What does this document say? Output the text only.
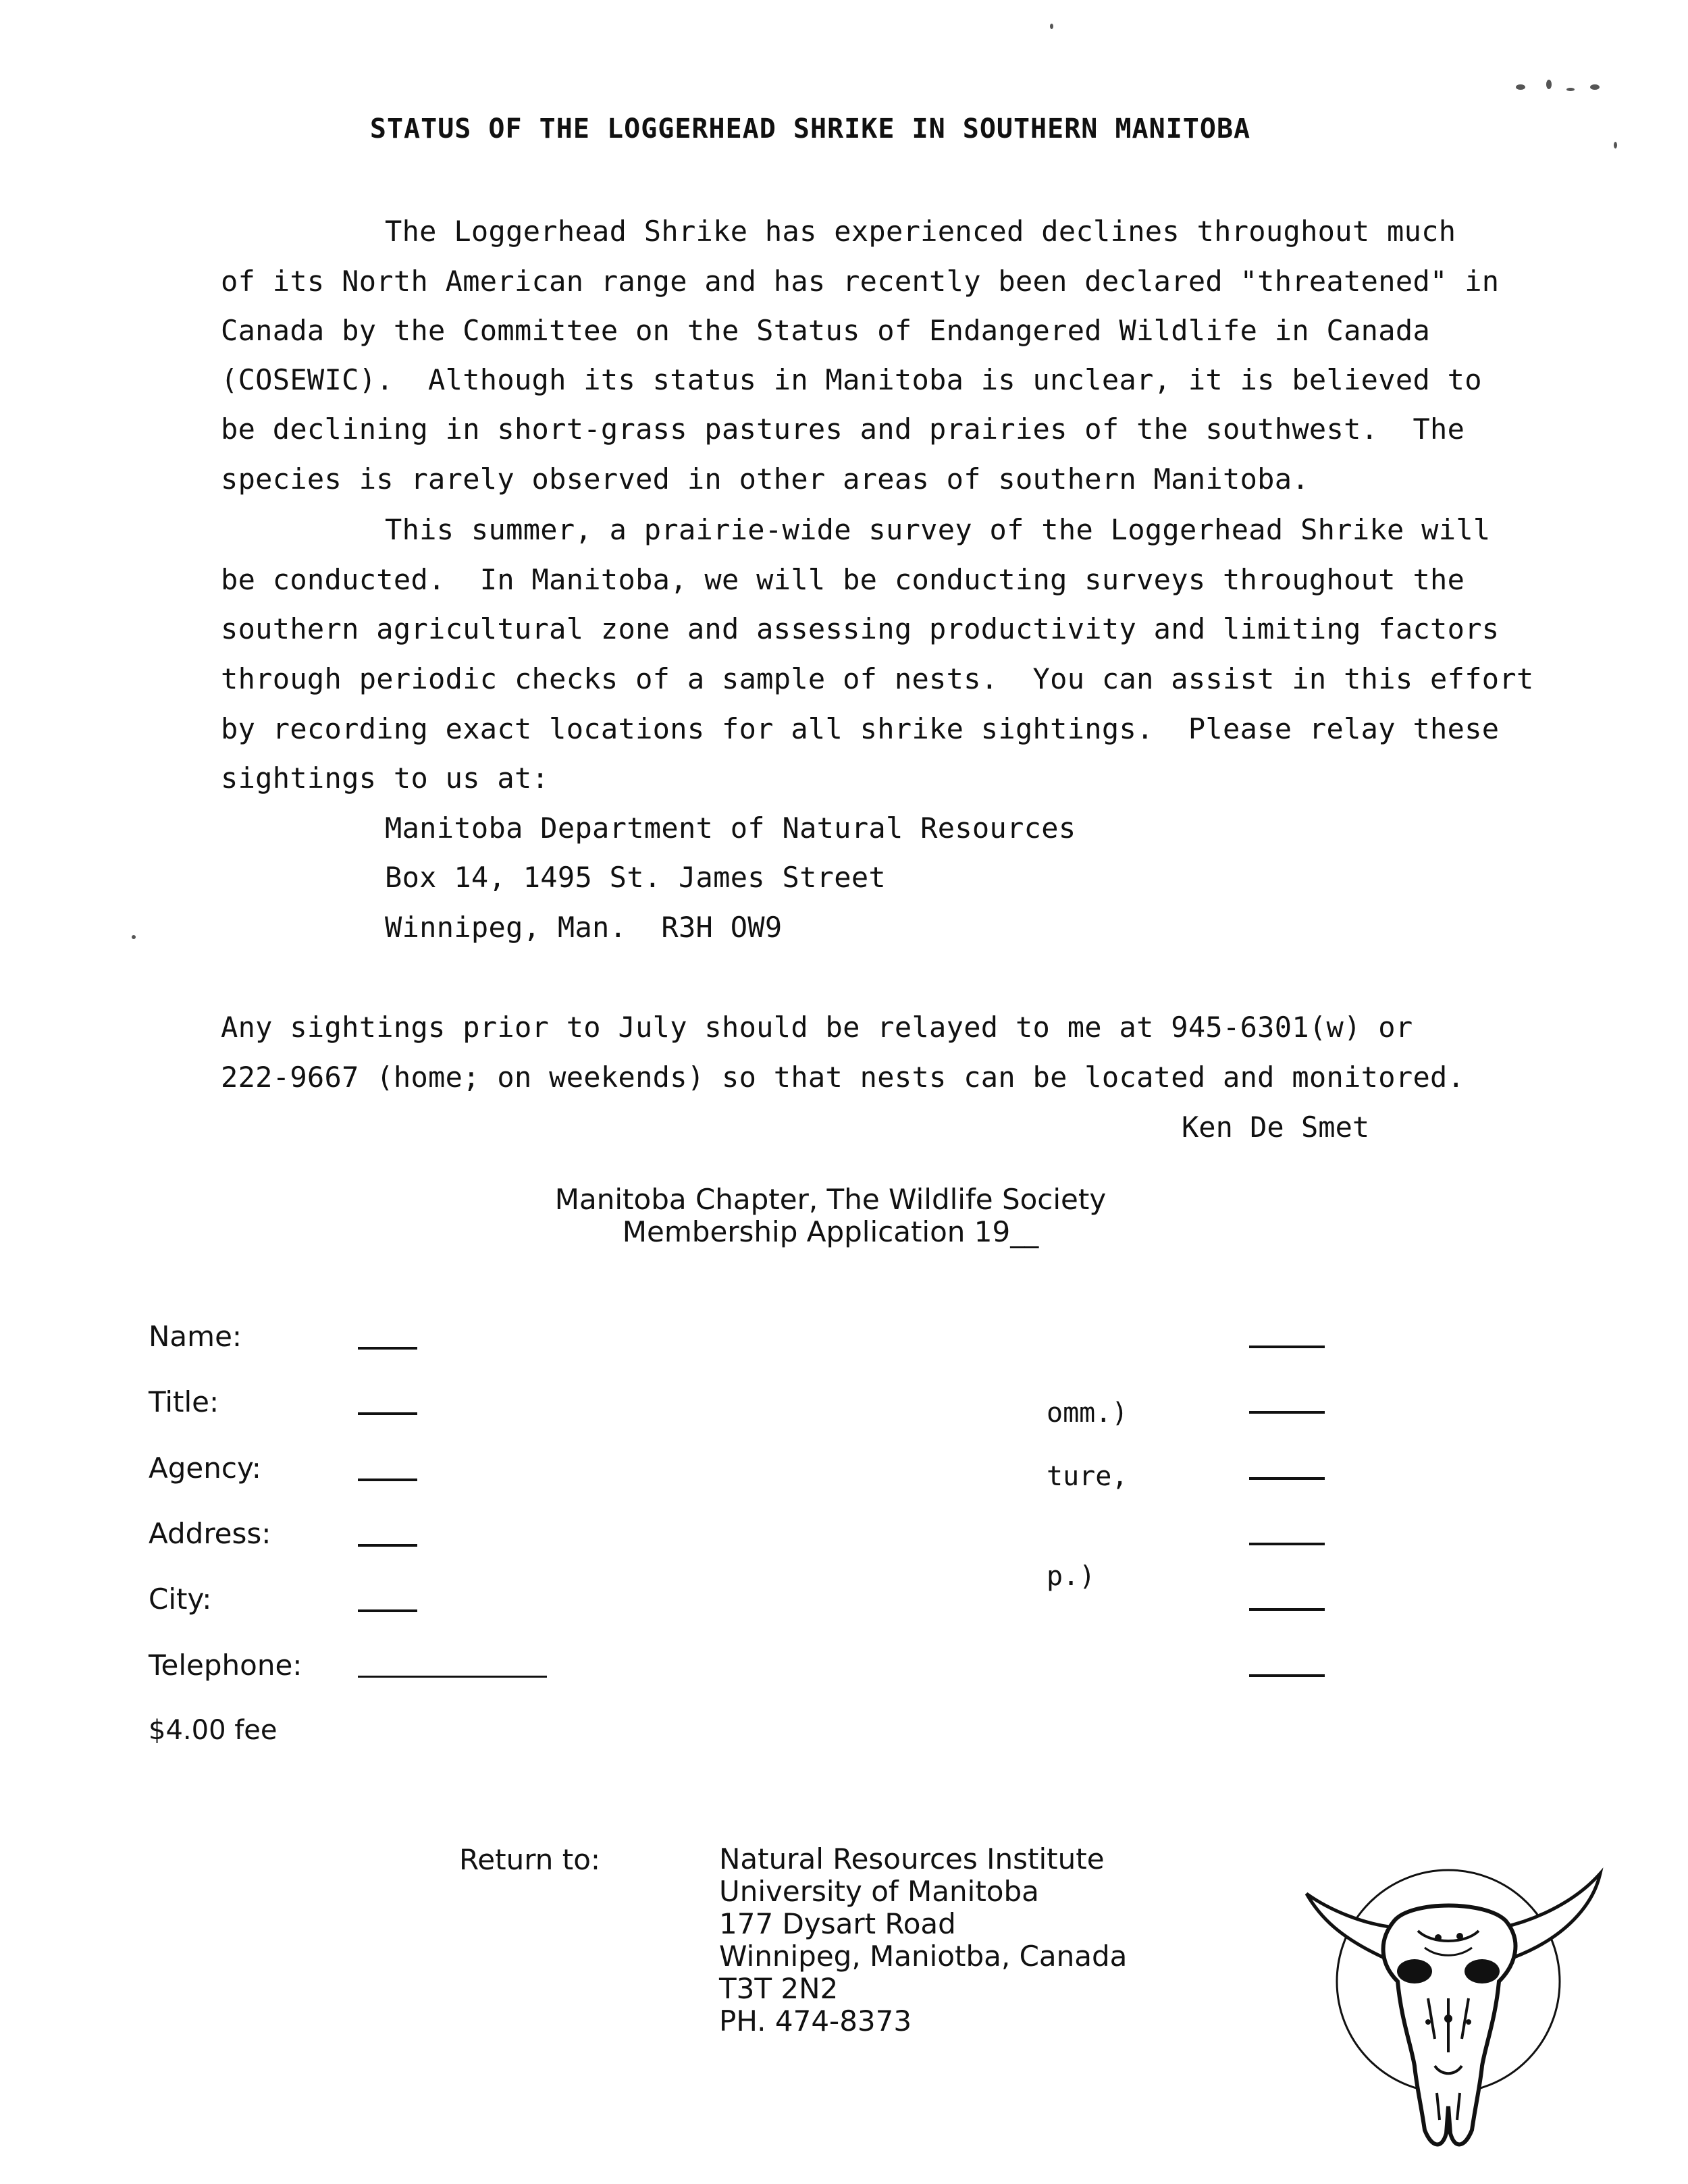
STATUS OF THE LOGGERHEAD SHRIKE IN SOUTHERN MANITOBA
The Loggerhead Shrike has experienced declines throughout much
of its North American range and has recently been declared "threatened" in
Canada by the Committee on the Status of Endangered Wildlife in Canada
(COSEWIC).  Although its status in Manitoba is unclear, it is believed to
be declining in short-grass pastures and prairies of the southwest.  The
species is rarely observed in other areas of southern Manitoba.
This summer, a prairie-wide survey of the Loggerhead Shrike will
be conducted.  In Manitoba, we will be conducting surveys throughout the
southern agricultural zone and assessing productivity and limiting factors
through periodic checks of a sample of nests.  You can assist in this effort
by recording exact locations for all shrike sightings.  Please relay these
sightings to us at:
Manitoba Department of Natural Resources
Box 14, 1495 St. James Street
Winnipeg, Man.  R3H OW9
Any sightings prior to July should be relayed to me at 945-6301(w) or
222-9667 (home; on weekends) so that nests can be located and monitored.
Ken De Smet
Manitoba Chapter, The Wildlife Society
Membership Application 19__
Name:
Title:
Agency:
Address:
City:
Telephone:
omm.)
ture,
p.)
$4.00 fee
Return to:	Natural Resources Institute
University of Manitoba
177 Dysart Road
Winnipeg, Maniotba, Canada
T3T 2N2
PH. 474-8373
